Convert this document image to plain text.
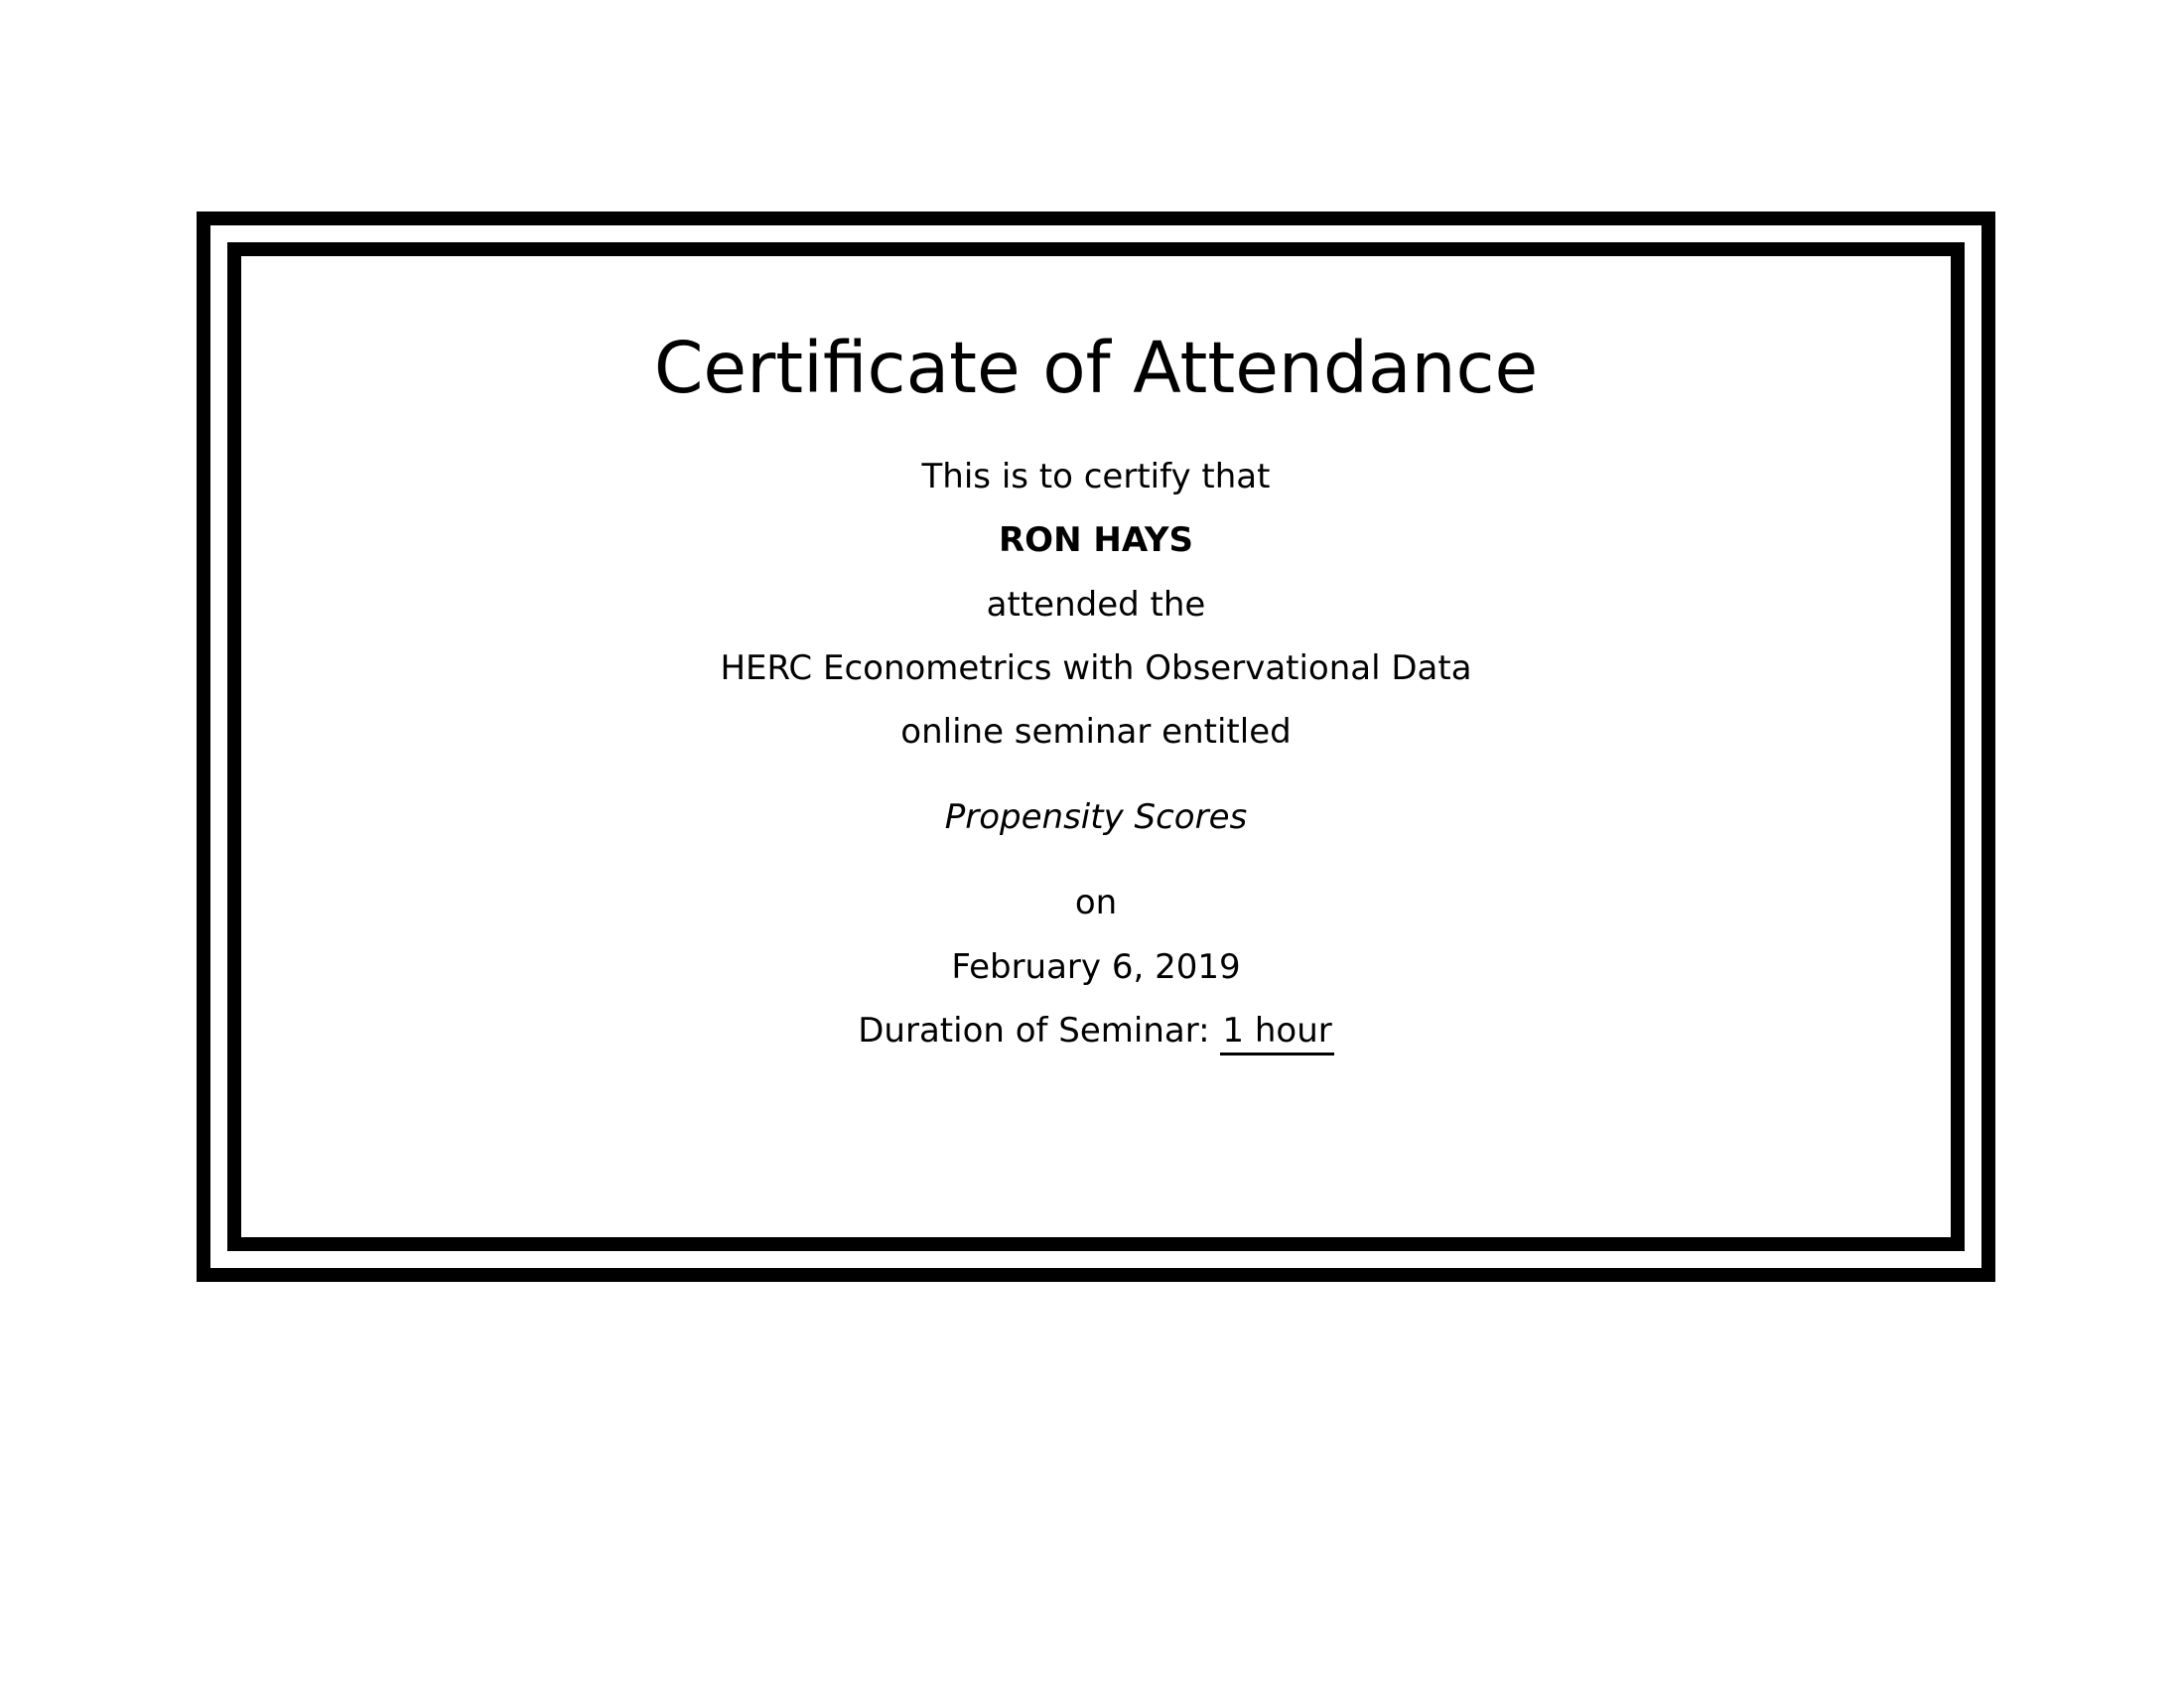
Certificate of Attendance
This is to certify that
RON HAYS
attended the
HERC Econometrics with Observational Data
online seminar entitled
Propensity Scores
on
February 6, 2019
Duration of Seminar: 1 hour
